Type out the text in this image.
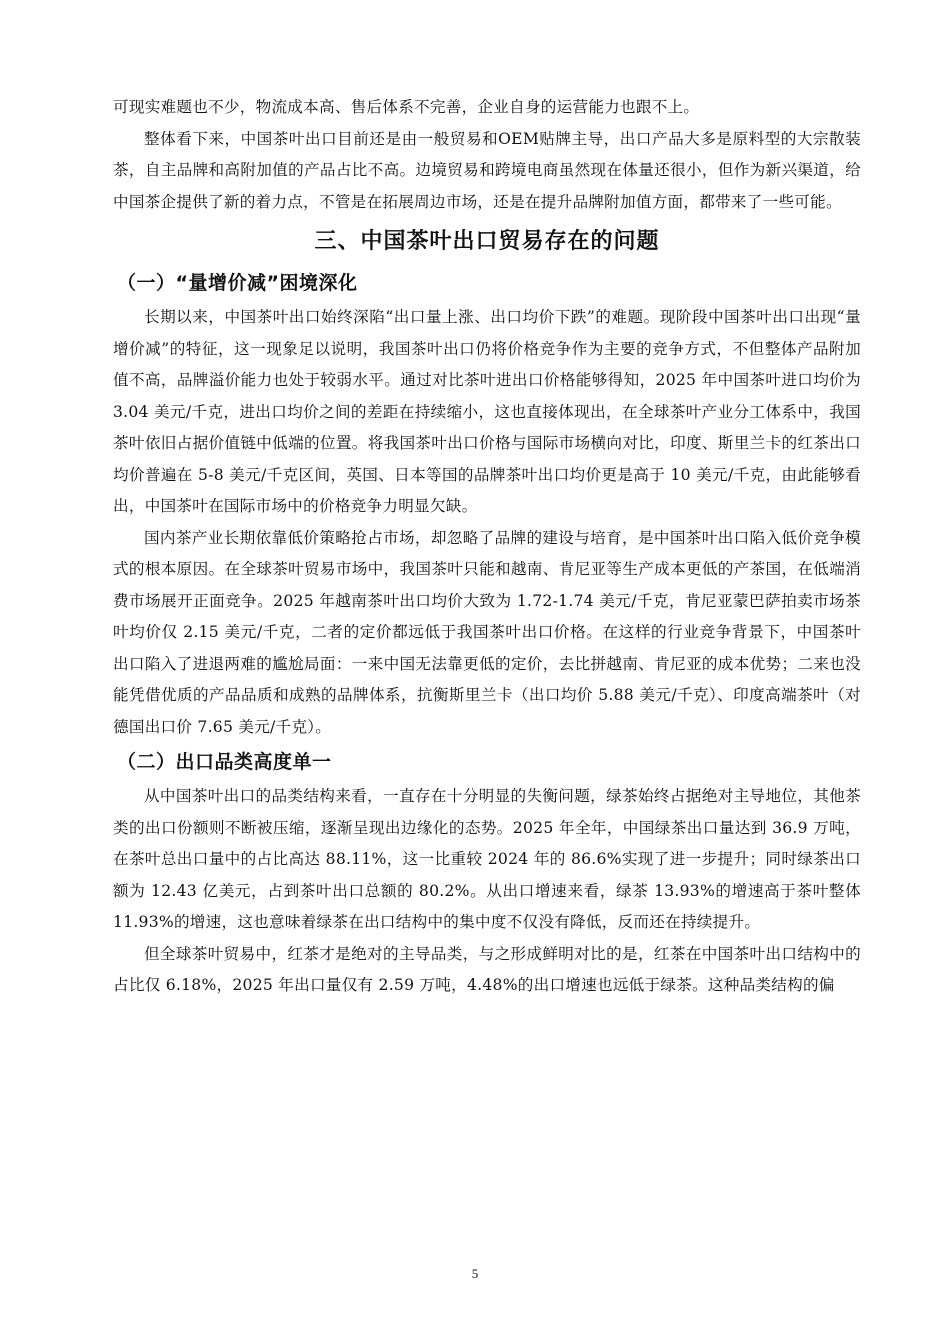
可现实难题也不少，物流成本高、售后体系不完善，企业自身的运营能力也跟不上。

整体看下来，中国茶叶出口目前还是由一般贸易和OEM贴牌主导，出口产品大多是原料型的大宗散装茶，自主品牌和高附加值的产品占比不高。边境贸易和跨境电商虽然现在体量还很小，但作为新兴渠道，给中国茶企提供了新的着力点，不管是在拓展周边市场，还是在提升品牌附加值方面，都带来了一些可能。

三、中国茶叶出口贸易存在的问题
（一）“量增价减”困境深化

长期以来，中国茶叶出口始终深陷“出口量上涨、出口均价下跌”的难题。现阶段中国茶叶出口出现“量增价减”的特征，这一现象足以说明，我国茶叶出口仍将价格竞争作为主要的竞争方式，不但整体产品附加值不高，品牌溢价能力也处于较弱水平。通过对比茶叶进出口价格能够得知，2025 年中国茶叶进口均价为 3.04 美元/千克，进出口均价之间的差距在持续缩小，这也直接体现出，在全球茶叶产业分工体系中，我国茶叶依旧占据价值链中低端的位置。将我国茶叶出口价格与国际市场横向对比，印度、斯里兰卡的红茶出口均价普遍在 5-8 美元/千克区间，英国、日本等国的品牌茶叶出口均价更是高于 10 美元/千克，由此能够看出，中国茶叶在国际市场中的价格竞争力明显欠缺。

国内茶产业长期依靠低价策略抢占市场，却忽略了品牌的建设与培育，是中国茶叶出口陷入低价竞争模式的根本原因。在全球茶叶贸易市场中，我国茶叶只能和越南、肯尼亚等生产成本更低的产茶国，在低端消费市场展开正面竞争。2025 年越南茶叶出口均价大致为 1.72-1.74 美元/千克，肯尼亚蒙巴萨拍卖市场茶叶均价仅 2.15 美元/千克，二者的定价都远低于我国茶叶出口价格。在这样的行业竞争背景下，中国茶叶出口陷入了进退两难的尴尬局面：一来中国无法靠更低的定价，去比拼越南、肯尼亚的成本优势；二来也没能凭借优质的产品品质和成熟的品牌体系，抗衡斯里兰卡（出口均价 5.88 美元/千克）、印度高端茶叶（对德国出口价 7.65 美元/千克）。

（二）出口品类高度单一

从中国茶叶出口的品类结构来看，一直存在十分明显的失衡问题，绿茶始终占据绝对主导地位，其他茶类的出口份额则不断被压缩，逐渐呈现出边缘化的态势。2025 年全年，中国绿茶出口量达到 36.9 万吨，在茶叶总出口量中的占比高达 88.11%，这一比重较 2024 年的 86.6%实现了进一步提升；同时绿茶出口额为 12.43 亿美元，占到茶叶出口总额的 80.2%。从出口增速来看，绿茶 13.93%的增速高于茶叶整体 11.93%的增速，这也意味着绿茶在出口结构中的集中度不仅没有降低，反而还在持续提升。

但全球茶叶贸易中，红茶才是绝对的主导品类，与之形成鲜明对比的是，红茶在中国茶叶出口结构中的占比仅 6.18%，2025 年出口量仅有 2.59 万吨，4.48%的出口增速也远低于绿茶。这种品类结构的偏

5
